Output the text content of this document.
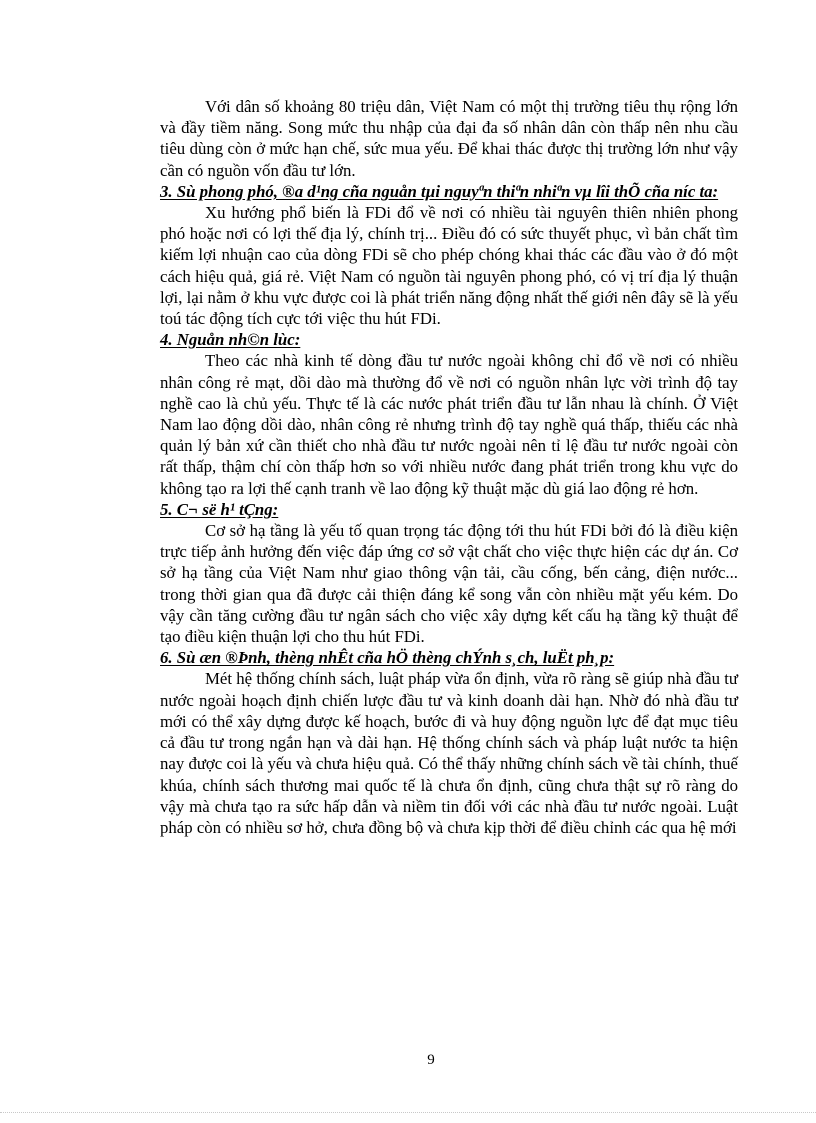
Với dân số khoảng 80 triệu dân, Việt Nam có một thị trường tiêu thụ rộng lớn và đầy tiềm năng. Song mức thu nhập của đại đa số nhân dân còn thấp nên nhu cầu tiêu dùng còn ở mức hạn chế, sức mua yếu. Để khai thác được thị trường lớn như vậy cần có nguồn vốn đầu tư lớn.

3. Sù phong phó, ®a d¹ng cña nguån tµi nguyªn thiªn nhiªn vµ lîi thÕ cña níc ta:

Xu hướng phổ biến là FDi đổ về nơi có nhiều tài nguyên thiên nhiên phong phó hoặc nơi có lợi thế địa lý, chính trị... Điều đó có sức thuyết phục, vì bản chất tìm kiếm lợi nhuận cao của dòng FDi sẽ cho phép chóng khai thác các đầu vào ở đó một cách hiệu quả, giá rẻ. Việt Nam có nguồn tài nguyên phong phó, có vị trí địa lý thuận lợi, lại nằm ở khu vực được coi là phát triển năng động nhất thế giới nên đây sẽ là yếu toú tác động tích cực tới việc thu hút FDi.

4. Nguån nh©n lùc:

Theo các nhà kinh tế dòng đầu tư nước ngoài không chỉ đổ về nơi có nhiều nhân công rẻ mạt, dồi dào mà thường đổ về nơi có nguồn nhân lực vời trình độ tay nghề cao là chủ yếu. Thực tế là các nước phát triển đầu tư lẫn nhau là chính. Ở Việt Nam lao động dồi dào, nhân công rẻ nhưng trình độ tay nghề quá thấp, thiếu các nhà quản lý bản xứ cần thiết cho nhà đầu tư nước ngoài nên tỉ lệ đầu tư nước ngoài còn rất thấp, thậm chí còn thấp hơn so với nhiều nước đang phát triển trong khu vực do không tạo ra lợi thế cạnh tranh về lao động kỹ thuật mặc dù giá lao động rẻ hơn.

5. C¬ së h¹ tÇng:

Cơ sở hạ tầng là yếu tố quan trọng tác động tới thu hút FDi bởi đó là điều kiện trực tiếp ảnh hưởng đến việc đáp ứng cơ sở vật chất cho việc thực hiện các dự án. Cơ sở hạ tầng của Việt Nam như giao thông vận tải, cầu cống, bến cảng, điện nước... trong thời gian qua đã được cải thiện đáng kể song vẫn còn nhiều mặt yếu kém. Do vậy cần tăng cường đầu tư ngân sách cho việc xây dựng kết cấu hạ tầng kỹ thuật để tạo điều kiện thuận lợi cho thu hút FDi.

6. Sù æn ®Þnh, thèng nhÊt cña hÖ thèng chÝnh s¸ch, luËt ph¸p:

Mét hệ thống chính sách, luật pháp vừa ổn định, vừa rõ ràng sẽ giúp nhà đầu tư nước ngoài hoạch định chiến lược đầu tư và kinh doanh dài hạn. Nhờ đó nhà đầu tư mới có thể xây dựng được kế hoạch, bước đi và huy động nguồn lực để đạt mục tiêu cả đầu tư trong ngắn hạn và dài hạn. Hệ thống chính sách và pháp luật nước ta hiện nay được coi là yếu và chưa hiệu quả. Có thể thấy những chính sách về tài chính, thuế khúa, chính sách thương mai quốc tế là chưa ổn định, cũng chưa thật sự rõ ràng do vậy mà chưa tạo ra sức hấp dẫn và niềm tin đối với các nhà đầu tư nước ngoài. Luật pháp còn có nhiều sơ hở, chưa đồng bộ và chưa kịp thời để điều chỉnh các qua hệ mới

9
